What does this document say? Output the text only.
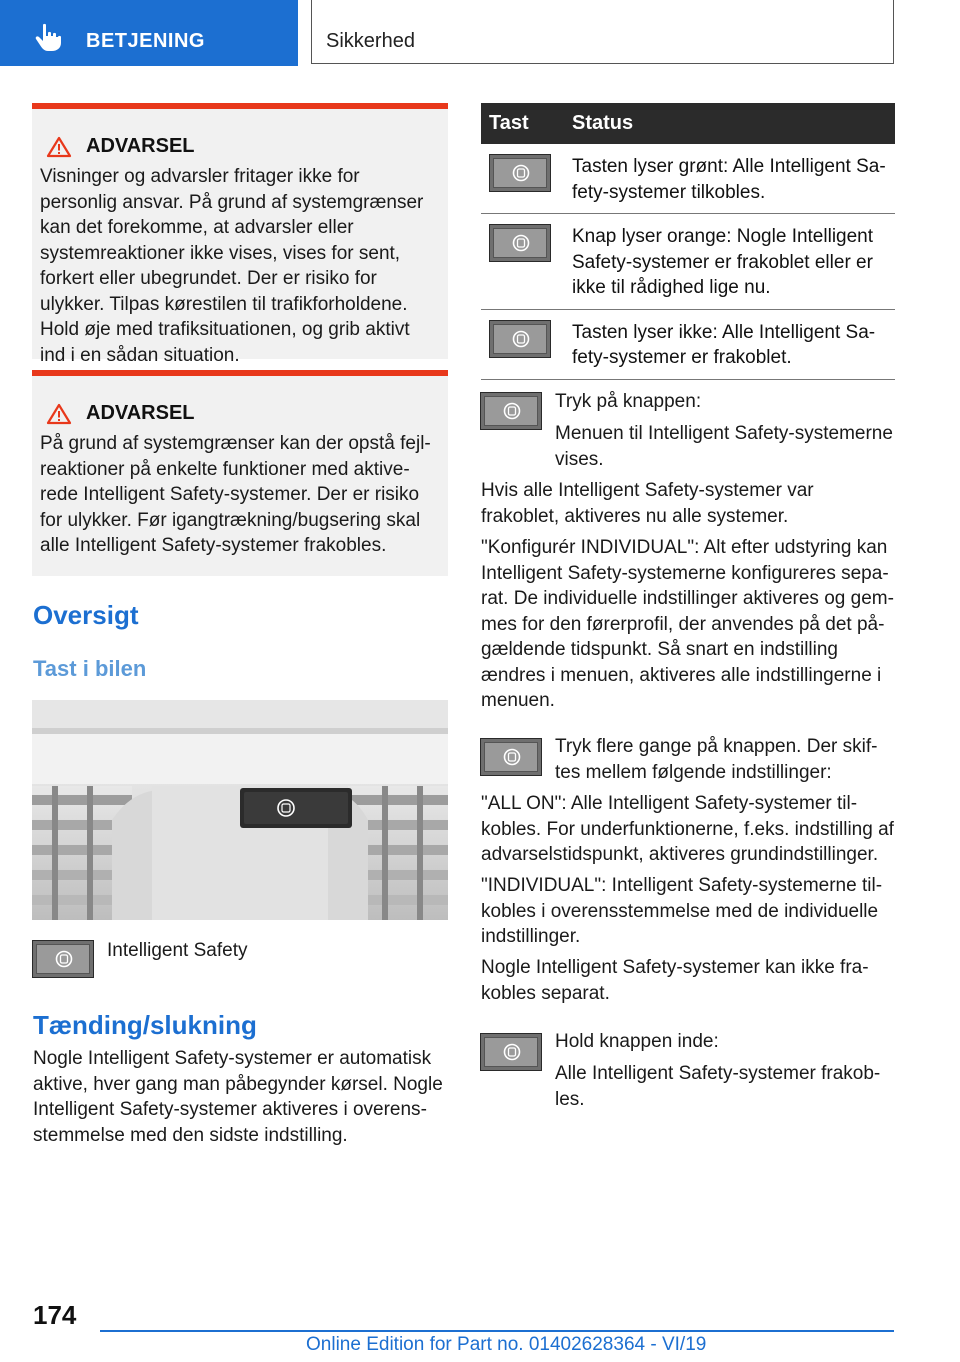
BETJENING	Sikkerhed
ADVARSEL

Visninger og advarsler fritager ikke for personlig ansvar. På grund af systemgrænser kan det forekomme, at advarsler eller systemreaktioner ikke vises, vises for sent, forkert eller ubegrundet. Der er risiko for ulykker. Tilpas kørestilen til trafikforholdene. Hold øje med trafiksituationen, og grib aktivt ind i en sådan situation.

ADVARSEL

På grund af systemgrænser kan der opstå fejlreaktioner på enkelte funktioner med aktiverede Intelligent Safety-systemer. Der er risiko for ulykker. Før igangtrækning/bugsering skal alle Intelligent Safety-systemer frakobles.

Oversigt
Tast i bilen
Intelligent Safety
Tænding/slukning
Nogle Intelligent Safety-systemer er automatisk aktive, hver gang man påbegynder kørsel. Nogle Intelligent Safety-systemer aktiveres i overensstemmelse med den sidste indstilling.
Tast	Status

	Tasten lyser grønt: Alle Intelligent Safety-systemer tilkobles.

	Knap lyser orange: Nogle Intelligent Safety-systemer er frakoblet eller er ikke til rådighed lige nu.

	Tasten lyser ikke: Alle Intelligent Safety-systemer er frakoblet.
Tryk på knappen:
Menuen til Intelligent Safety-systemerne vises.
Hvis alle Intelligent Safety-systemer var frakoblet, aktiveres nu alle systemer.
"Konfigurér INDIVIDUAL": Alt efter udstyring kan Intelligent Safety-systemerne konfigureres separat. De individuelle indstillinger aktiveres og gemmes for den førerprofil, der anvendes på det pågældende tidspunkt. Så snart en indstilling ændres i menuen, aktiveres alle indstillingerne i menuen.
Tryk flere gange på knappen. Der skiftes mellem følgende indstillinger:
"ALL ON": Alle Intelligent Safety-systemer tilkobles. For underfunktionerne, f.eks. indstilling af advarselstidspunkt, aktiveres grundindstillinger.
"INDIVIDUAL": Intelligent Safety-systemerne tilkobles i overensstemmelse med de individuelle indstillinger.
Nogle Intelligent Safety-systemer kan ikke frakobles separat.
Hold knappen inde:
Alle Intelligent Safety-systemer frakobles.
174
Online Edition for Part no. 01402628364 - VI/19
